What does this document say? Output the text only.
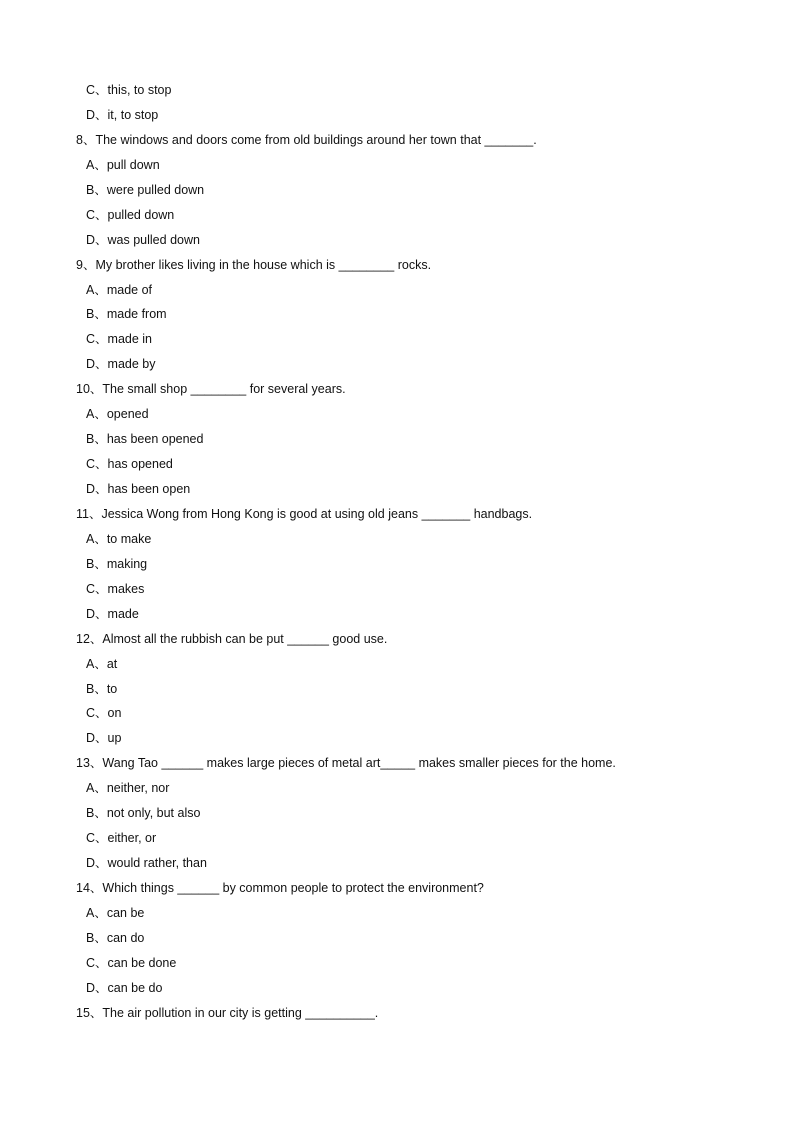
C、this, to stop
D、it, to stop
8、The windows and doors come from old buildings around her town that _______.
A、pull down
B、were pulled down
C、pulled down
D、was pulled down
9、My brother likes living in the house which is ________ rocks.
A、made of
B、made from
C、made in
D、made by
10、The small shop ________ for several years.
A、opened
B、has been opened
C、has opened
D、has been open
11、Jessica Wong from Hong Kong is good at using old jeans _______ handbags.
A、to make
B、making
C、makes
D、made
12、Almost all the rubbish can be put ______ good use.
A、at
B、to
C、on
D、up
13、Wang Tao ______ makes large pieces of metal art_____ makes smaller pieces for the home.
A、neither, nor
B、not only, but also
C、either, or
D、would rather, than
14、Which things ______ by common people to protect the environment?
A、can be
B、can do
C、can be done
D、can be do
15、The air pollution in our city is getting __________.
